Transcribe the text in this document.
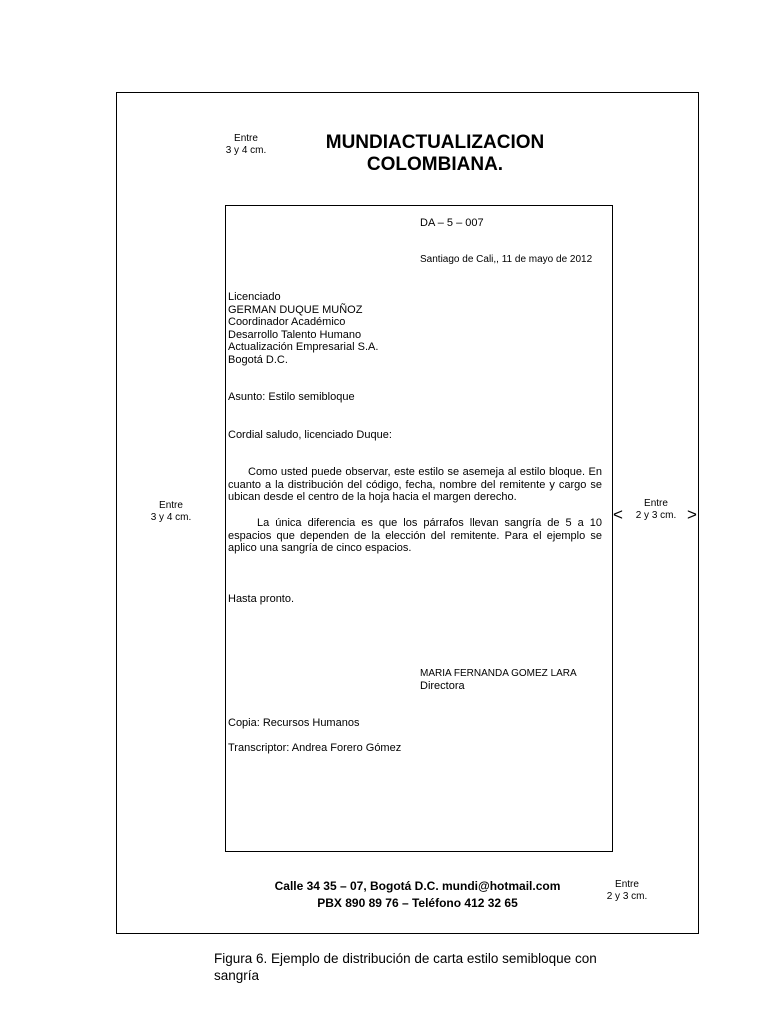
Entre
3 y 4 cm.
Entre
3 y 4 cm.
Entre
2 y 3 cm.
Entre
2 y 3 cm.
<	>
MUNDIACTUALIZACION
COLOMBIANA.
DA – 5 – 007
Santiago de Cali,, 11 de mayo de 2012
Licenciado
GERMAN DUQUE MUÑOZ
Coordinador Académico
Desarrollo Talento Humano
Actualización Empresarial S.A.
Bogotá D.C.
Asunto: Estilo semibloque
Cordial saludo, licenciado Duque:
Como usted puede observar, este estilo se asemeja al estilo bloque. En cuanto a la distribución del código, fecha, nombre del remitente y cargo se ubican desde el centro de la hoja hacia el margen derecho.
La única diferencia es que los párrafos llevan sangría de 5 a 10 espacios que dependen de la elección del remitente. Para el ejemplo se aplico una sangría de cinco espacios.
Hasta pronto.
MARIA FERNANDA GOMEZ LARA
Directora
Copia: Recursos Humanos
Transcriptor: Andrea Forero Gómez
Calle 34 35 – 07, Bogotá D.C. mundi@hotmail.com
PBX 890 89 76 – Teléfono 412 32 65
Figura 6. Ejemplo de distribución de carta estilo semibloque con sangría
